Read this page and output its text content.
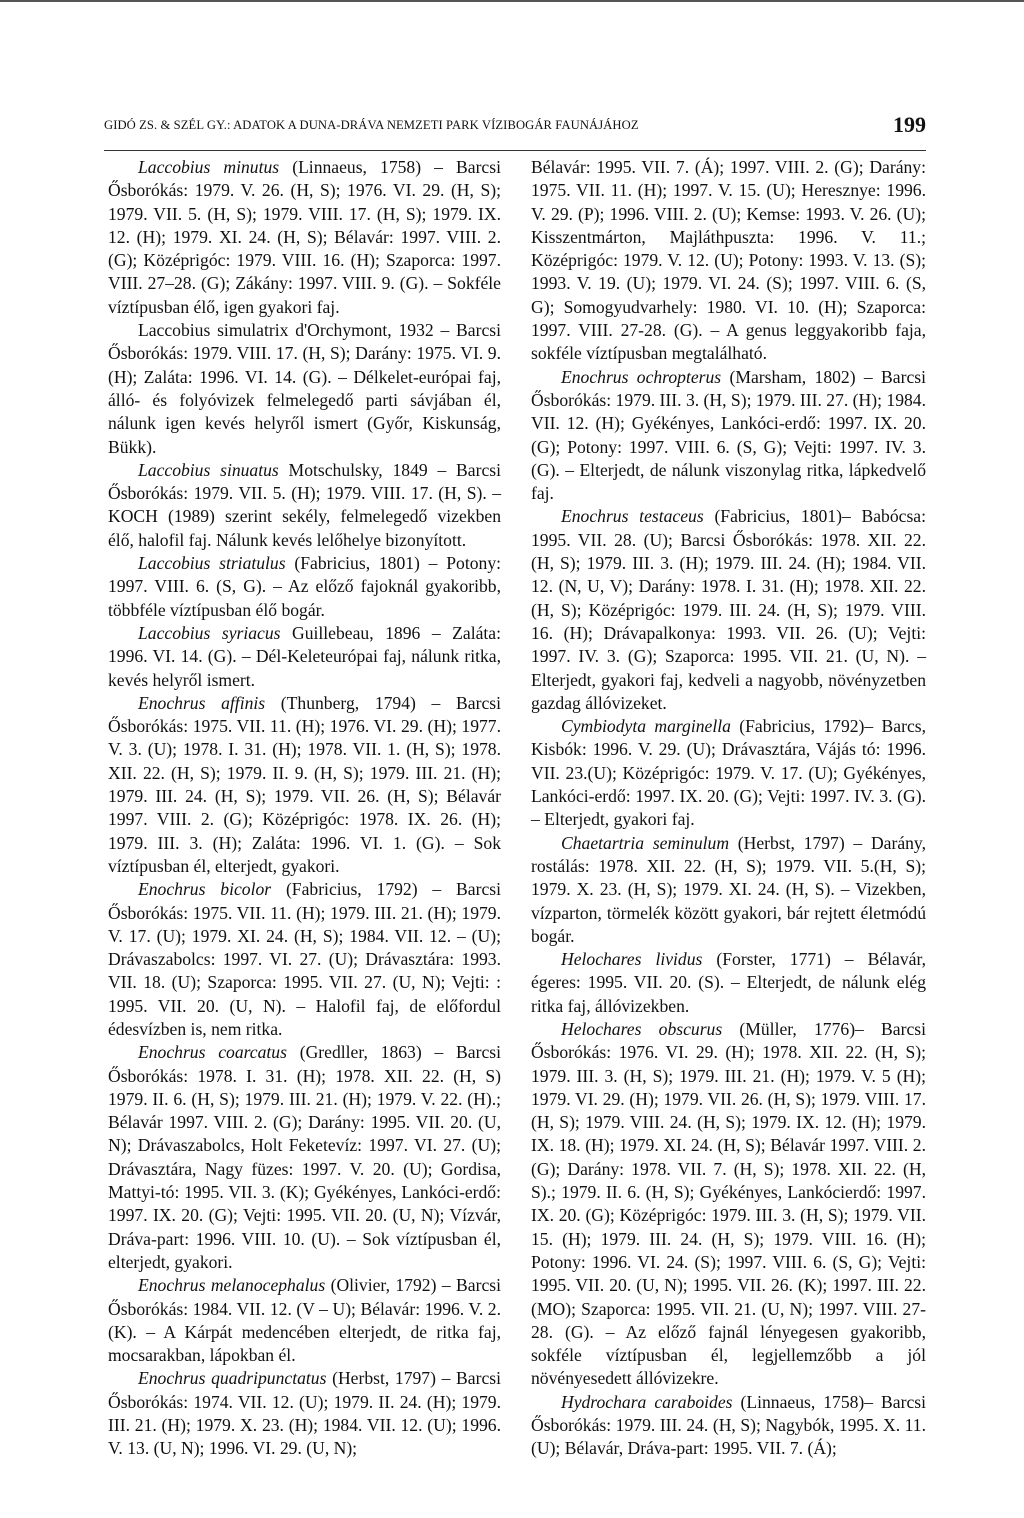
GIDÓ ZS. & SZÉL GY.: ADATOK A DUNA-DRÁVA NEMZETI PARK VÍZIBOGÁR FAUNÁJÁHOZ	199

Laccobius minutus (Linnaeus, 1758) – Barcsi Ősborókás: 1979. V. 26. (H, S); 1976. VI. 29. (H, S); 1979. VII. 5. (H, S); 1979. VIII. 17. (H, S); 1979. IX. 12. (H); 1979. XI. 24. (H, S); Bélavár: 1997. VIII. 2. (G); Középrigóc: 1979. VIII. 16. (H); Szaporca: 1997. VIII. 27–28. (G); Zákány: 1997. VIII. 9. (G). – Sokféle víztípusban élő, igen gyakori faj.

Laccobius simulatrix d'Orchymont, 1932 – Barcsi Ősborókás: 1979. VIII. 17. (H, S); Darány: 1975. VI. 9. (H); Zaláta: 1996. VI. 14. (G). – Délkelet-európai faj, álló- és folyóvizek felmelegedő parti sávjában él, nálunk igen kevés helyről ismert (Győr, Kiskunság, Bükk).

Laccobius sinuatus Motschulsky, 1849 – Barcsi Ősborókás: 1979. VII. 5. (H); 1979. VIII. 17. (H, S). – KOCH (1989) szerint sekély, felmelegedő vizekben élő, halofil faj. Nálunk kevés lelőhelye bizonyított.

Laccobius striatulus (Fabricius, 1801) – Potony: 1997. VIII. 6. (S, G). – Az előző fajoknál gyakoribb, többféle víztípusban élő bogár.

Laccobius syriacus Guillebeau, 1896 – Zaláta: 1996. VI. 14. (G). – Dél-Keleteurópai faj, nálunk ritka, kevés helyről ismert.

Enochrus affinis (Thunberg, 1794) – Barcsi Ősborókás: 1975. VII. 11. (H); 1976. VI. 29. (H); 1977. V. 3. (U); 1978. I. 31. (H); 1978. VII. 1. (H, S); 1978. XII. 22. (H, S); 1979. II. 9. (H, S); 1979. III. 21. (H); 1979. III. 24. (H, S); 1979. VII. 26. (H, S); Bélavár 1997. VIII. 2. (G); Középrigóc: 1978. IX. 26. (H); 1979. III. 3. (H); Zaláta: 1996. VI. 1. (G). – Sok víztípusban él, elterjedt, gyakori.

Enochrus bicolor (Fabricius, 1792) – Barcsi Ősborókás: 1975. VII. 11. (H); 1979. III. 21. (H); 1979. V. 17. (U); 1979. XI. 24. (H, S); 1984. VII. 12. – (U); Drávaszabolcs: 1997. VI. 27. (U); Drávasztára: 1993. VII. 18. (U); Szaporca: 1995. VII. 27. (U, N); Vejti: : 1995. VII. 20. (U, N). – Halofil faj, de előfordul édesvízben is, nem ritka.

Enochrus coarcatus (Gredller, 1863) – Barcsi Ősborókás: 1978. I. 31. (H); 1978. XII. 22. (H, S) 1979. II. 6. (H, S); 1979. III. 21. (H); 1979. V. 22. (H).; Bélavár 1997. VIII. 2. (G); Darány: 1995. VII. 20. (U, N); Drávaszabolcs, Holt Feketevíz: 1997. VI. 27. (U); Drávasztára, Nagy füzes: 1997. V. 20. (U); Gordisa, Mattyi-tó: 1995. VII. 3. (K); Gyékényes, Lankóci-erdő: 1997. IX. 20. (G); Vejti: 1995. VII. 20. (U, N); Vízvár, Dráva-part: 1996. VIII. 10. (U). – Sok víztípusban él, elterjedt, gyakori.

Enochrus melanocephalus (Olivier, 1792) – Barcsi Ősborókás: 1984. VII. 12. (V – U); Bélavár: 1996. V. 2. (K). – A Kárpát medencében elterjedt, de ritka faj, mocsarakban, lápokban él.

Enochrus quadripunctatus (Herbst, 1797) – Barcsi Ősborókás: 1974. VII. 12. (U); 1979. II. 24. (H); 1979. III. 21. (H); 1979. X. 23. (H); 1984. VII. 12. (U); 1996. V. 13. (U, N); 1996. VI. 29. (U, N);

Bélavár: 1995. VII. 7. (Á); 1997. VIII. 2. (G); Darány: 1975. VII. 11. (H); 1997. V. 15. (U); Heresznye: 1996. V. 29. (P); 1996. VIII. 2. (U); Kemse: 1993. V. 26. (U); Kisszentmárton, Majláthpuszta: 1996. V. 11.; Középrigóc: 1979. V. 12. (U); Potony: 1993. V. 13. (S); 1993. V. 19. (U); 1979. VI. 24. (S); 1997. VIII. 6. (S, G); Somogyudvarhely: 1980. VI. 10. (H); Szaporca: 1997. VIII. 27-28. (G). – A genus leggyakoribb faja, sokféle víztípusban megtalálható.

Enochrus ochropterus (Marsham, 1802) – Barcsi Ősborókás: 1979. III. 3. (H, S); 1979. III. 27. (H); 1984. VII. 12. (H); Gyékényes, Lankóci-erdő: 1997. IX. 20. (G); Potony: 1997. VIII. 6. (S, G); Vejti: 1997. IV. 3. (G). – Elterjedt, de nálunk viszonylag ritka, lápkedvelő faj.

Enochrus testaceus (Fabricius, 1801)– Babócsa: 1995. VII. 28. (U); Barcsi Ősborókás: 1978. XII. 22. (H, S); 1979. III. 3. (H); 1979. III. 24. (H); 1984. VII. 12. (N, U, V); Darány: 1978. I. 31. (H); 1978. XII. 22. (H, S); Középrigóc: 1979. III. 24. (H, S); 1979. VIII. 16. (H); Drávapalkonya: 1993. VII. 26. (U); Vejti: 1997. IV. 3. (G); Szaporca: 1995. VII. 21. (U, N). – Elterjedt, gyakori faj, kedveli a nagyobb, növényzetben gazdag állóvizeket.

Cymbiodyta marginella (Fabricius, 1792)– Barcs, Kisbók: 1996. V. 29. (U); Drávasztára, Vájás tó: 1996. VII. 23.(U); Középrigóc: 1979. V. 17. (U); Gyékényes, Lankóci-erdő: 1997. IX. 20. (G); Vejti: 1997. IV. 3. (G). – Elterjedt, gyakori faj.

Chaetartria seminulum (Herbst, 1797) – Darány, rostálás: 1978. XII. 22. (H, S); 1979. VII. 5.(H, S); 1979. X. 23. (H, S); 1979. XI. 24. (H, S). – Vizekben, vízparton, törmelék között gyakori, bár rejtett életmódú bogár.

Helochares lividus (Forster, 1771) – Bélavár, égeres: 1995. VII. 20. (S). – Elterjedt, de nálunk elég ritka faj, állóvizekben.

Helochares obscurus (Müller, 1776)– Barcsi Ősborókás: 1976. VI. 29. (H); 1978. XII. 22. (H, S); 1979. III. 3. (H, S); 1979. III. 21. (H); 1979. V. 5 (H); 1979. VI. 29. (H); 1979. VII. 26. (H, S); 1979. VIII. 17. (H, S); 1979. VIII. 24. (H, S); 1979. IX. 12. (H); 1979. IX. 18. (H); 1979. XI. 24. (H, S); Bélavár 1997. VIII. 2. (G); Darány: 1978. VII. 7. (H, S); 1978. XII. 22. (H, S).; 1979. II. 6. (H, S); Gyékényes, Lankócierdő: 1997. IX. 20. (G); Középrigóc: 1979. III. 3. (H, S); 1979. VII. 15. (H); 1979. III. 24. (H, S); 1979. VIII. 16. (H); Potony: 1996. VI. 24. (S); 1997. VIII. 6. (S, G); Vejti: 1995. VII. 20. (U, N); 1995. VII. 26. (K); 1997. III. 22. (MO); Szaporca: 1995. VII. 21. (U, N); 1997. VIII. 27-28. (G). – Az előző fajnál lényegesen gyakoribb, sokféle víztípusban él, legjellemzőbb a jól növényesedett állóvizekre.

Hydrochara caraboides (Linnaeus, 1758)– Barcsi Ősborókás: 1979. III. 24. (H, S); Nagybók, 1995. X. 11. (U); Bélavár, Dráva-part: 1995. VII. 7. (Á);
